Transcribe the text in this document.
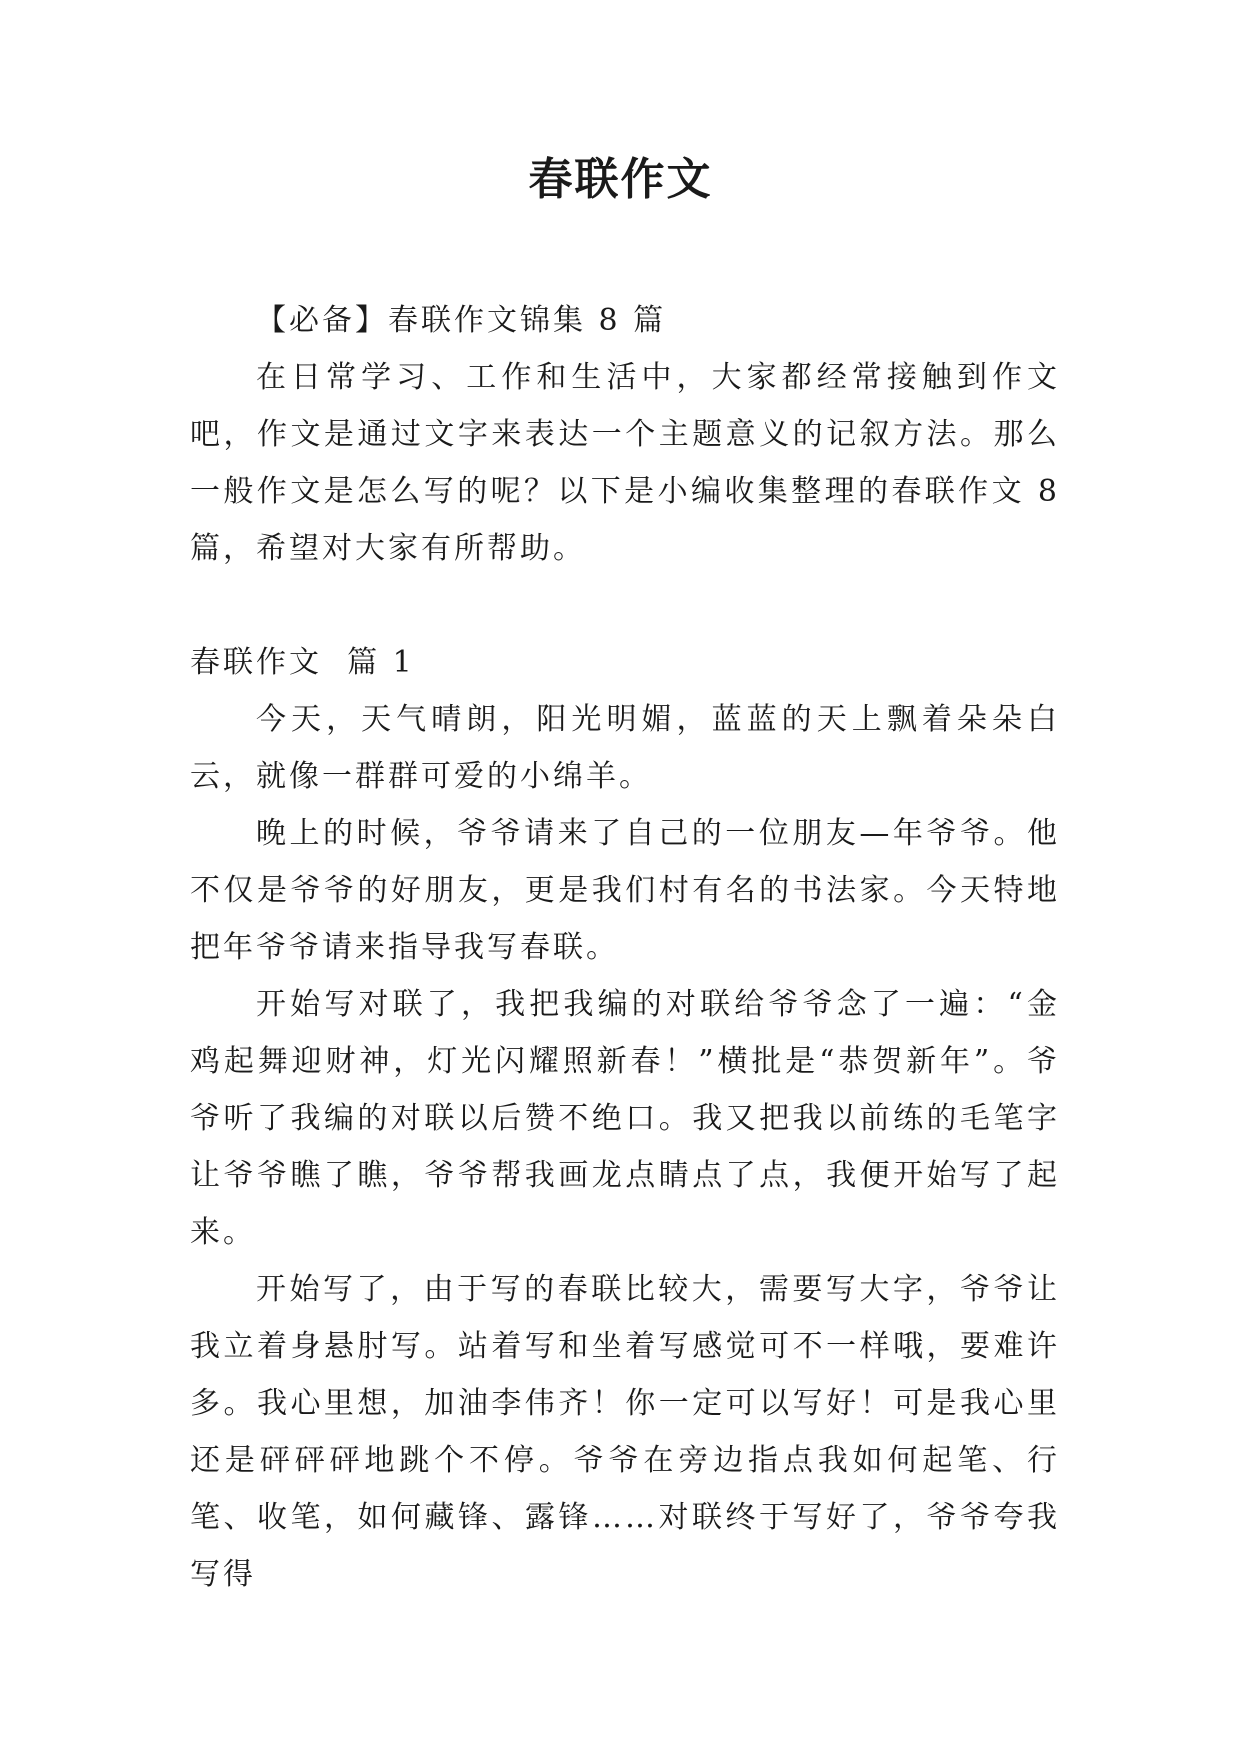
春联作文

【必备】春联作文锦集 8 篇

在日常学习、工作和生活中，大家都经常接触到作文吧，作文是通过文字来表达一个主题意义的记叙方法。那么一般作文是怎么写的呢？以下是小编收集整理的春联作文 8 篇，希望对大家有所帮助。

春联作文  篇 1

今天，天气晴朗，阳光明媚，蓝蓝的天上飘着朵朵白云，就像一群群可爱的小绵羊。

晚上的时候，爷爷请来了自己的一位朋友—年爷爷。他不仅是爷爷的好朋友，更是我们村有名的书法家。今天特地把年爷爷请来指导我写春联。

开始写对联了，我把我编的对联给爷爷念了一遍：“金鸡起舞迎财神，灯光闪耀照新春！”横批是“恭贺新年”。爷爷听了我编的对联以后赞不绝口。我又把我以前练的毛笔字让爷爷瞧了瞧，爷爷帮我画龙点睛点了点，我便开始写了起来。

开始写了，由于写的春联比较大，需要写大字，爷爷让我立着身悬肘写。站着写和坐着写感觉可不一样哦，要难许多。我心里想，加油李伟齐！你一定可以写好！可是我心里还是砰砰砰地跳个不停。爷爷在旁边指点我如何起笔、行笔、收笔，如何藏锋、露锋……对联终于写好了，爷爷夸我写得
